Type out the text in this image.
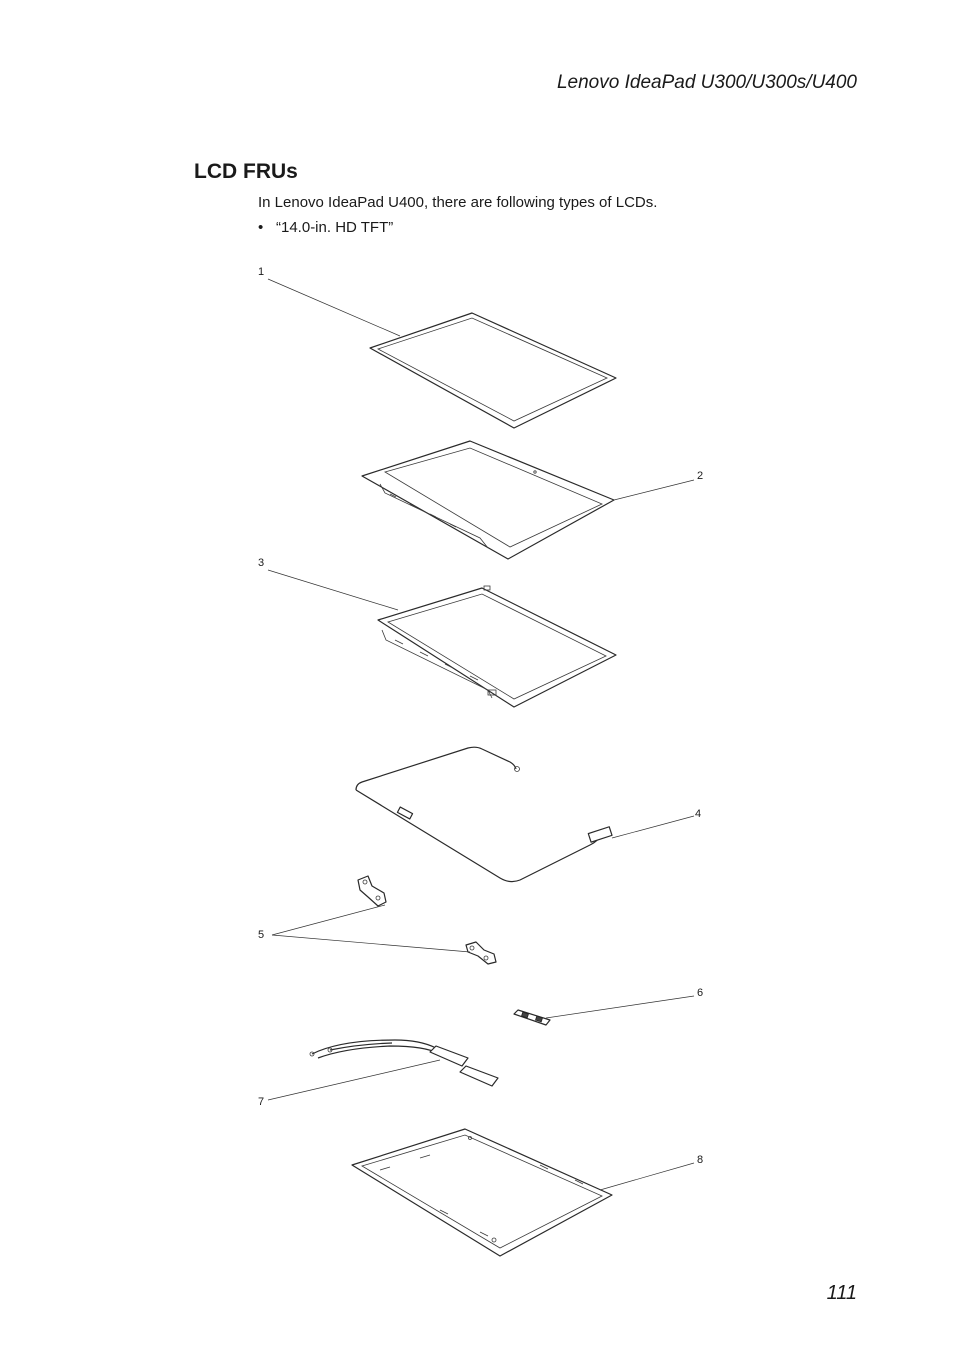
Lenovo IdeaPad U300/U300s/U400
LCD FRUs
In Lenovo IdeaPad U400, there are following types of LCDs.
• “14.0-in. HD TFT”
1
2
3
4
5
6
7
8
111
